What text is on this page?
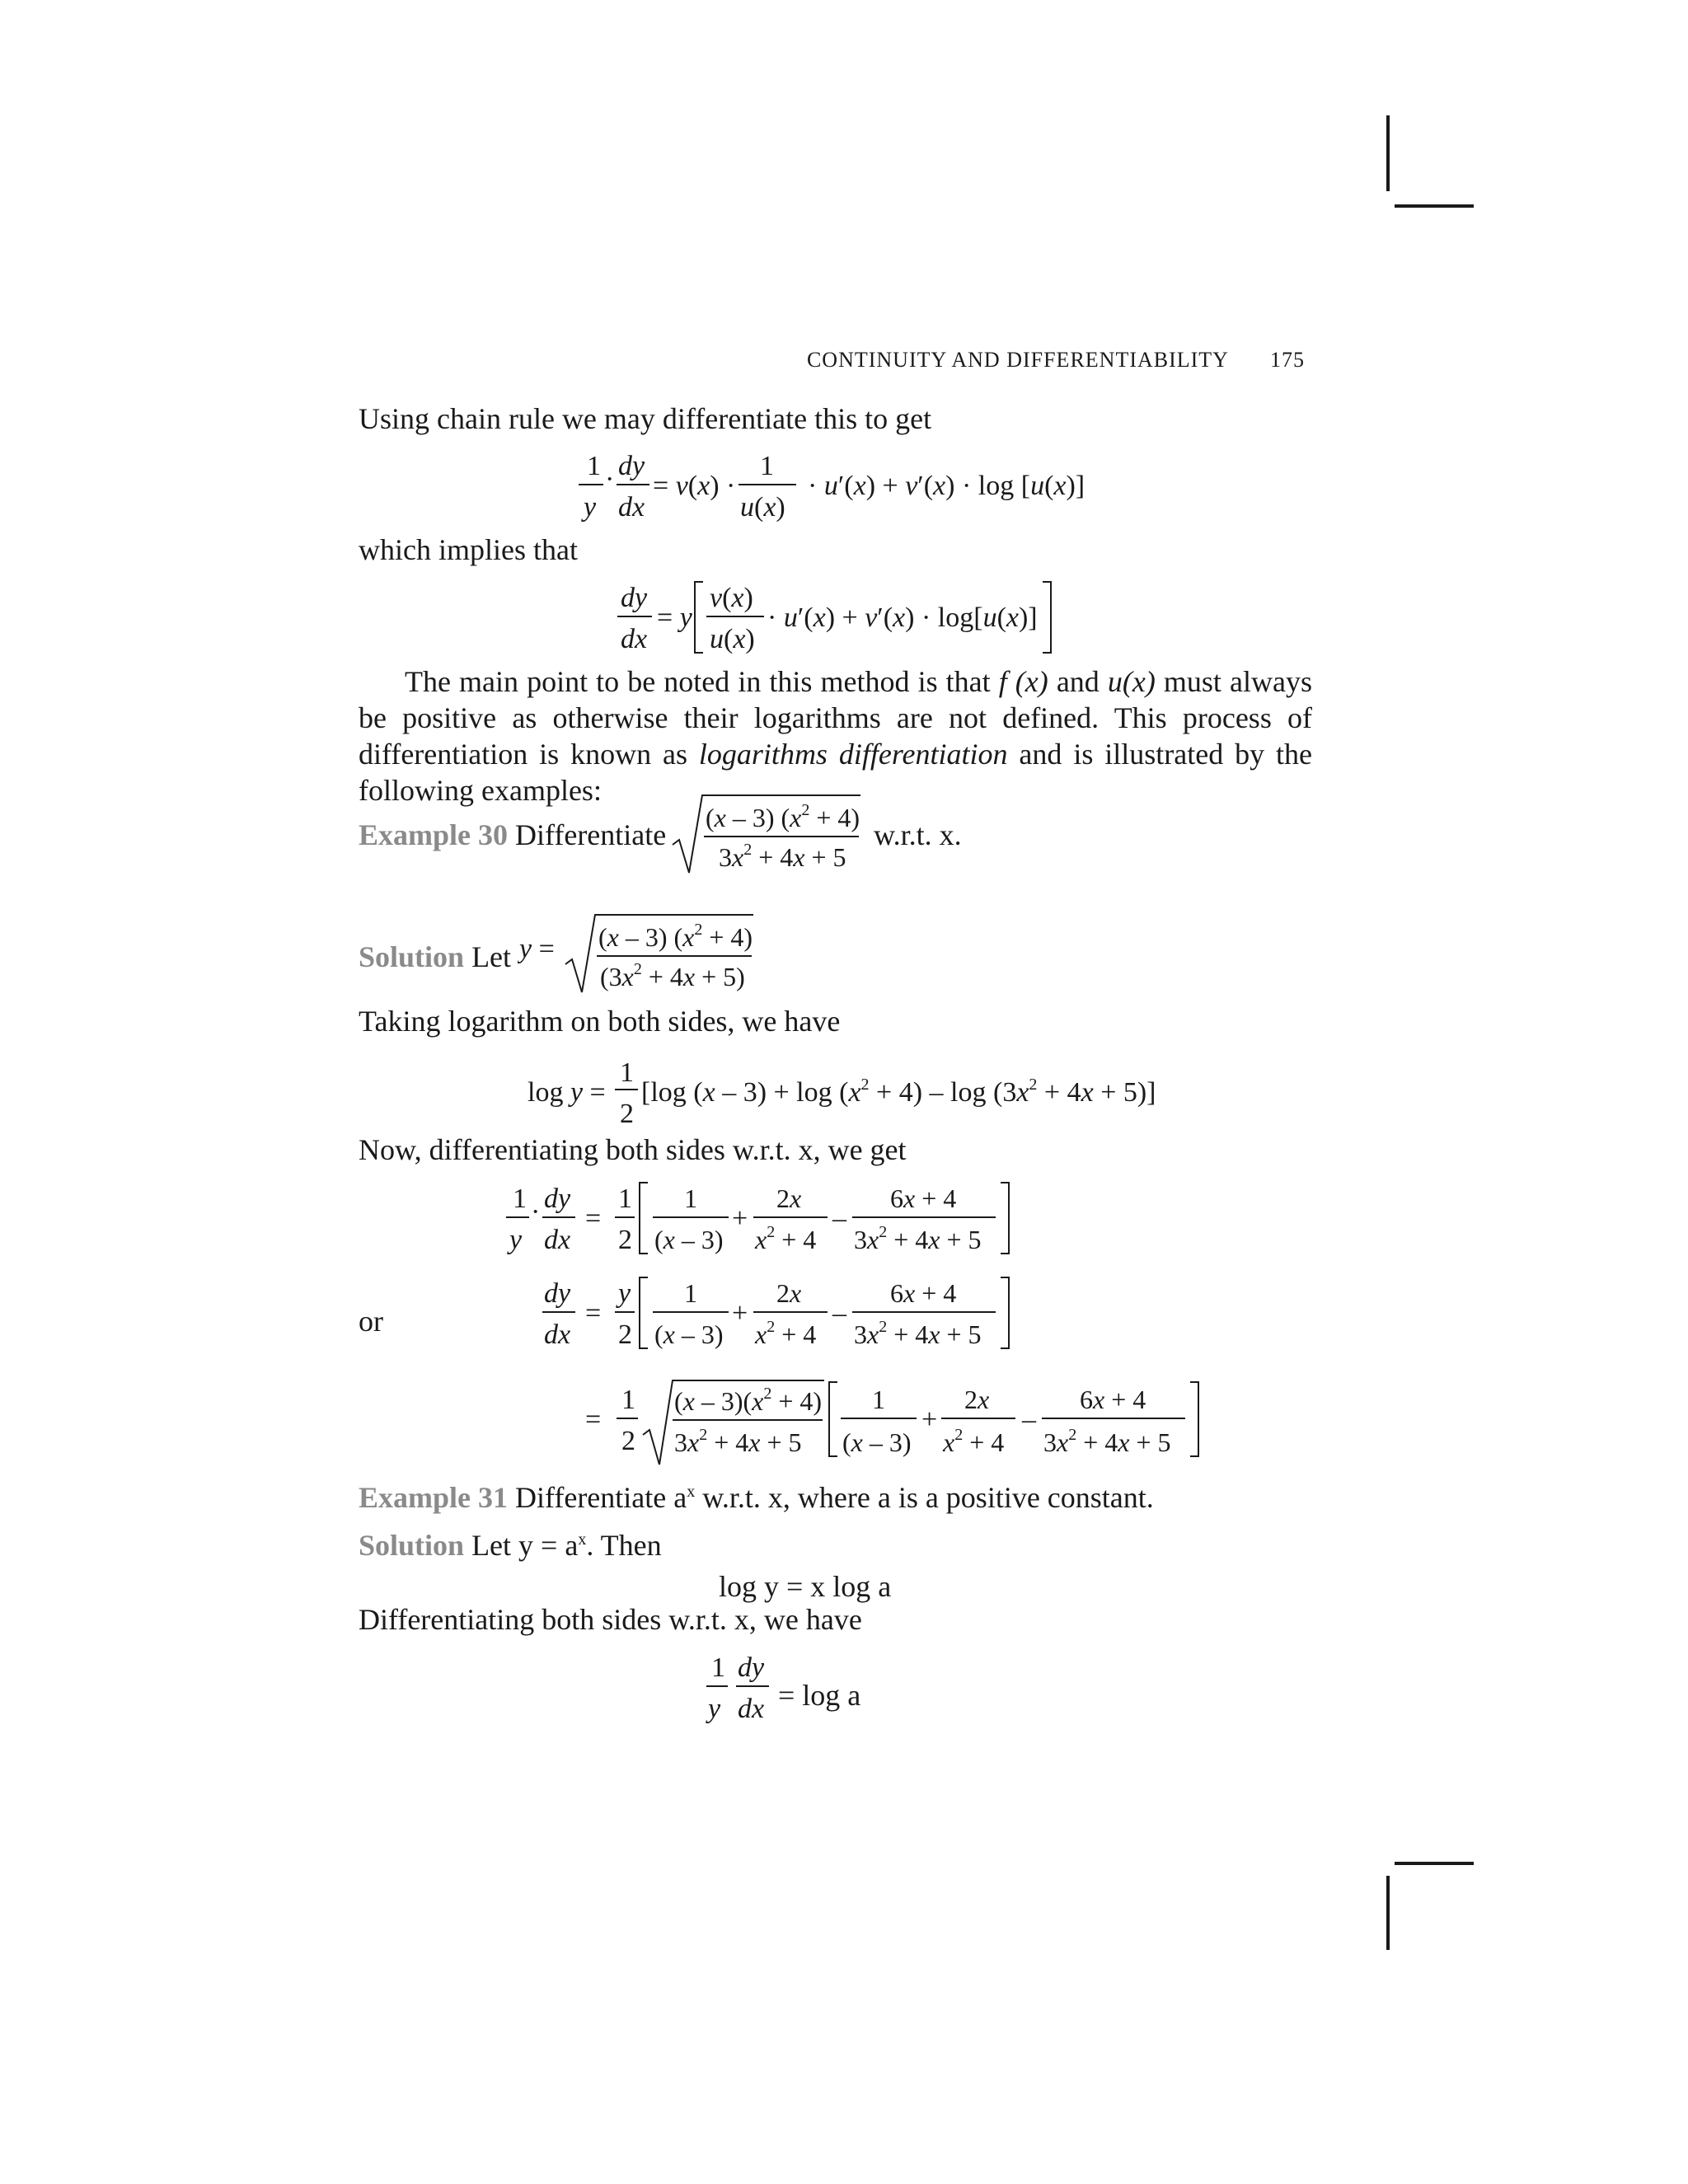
CONTINUITY AND DIFFERENTIABILITY 175
Using chain rule we may differentiate this to get
1
y
· dy
dx
= v(x) ·
1
u(x)
· u′(x) + v′(x) · log [u(x)]
which implies that
dy
dx
= y
v(x)
u(x)
· u′(x) + v′(x) · log[u(x)]
The main point to be noted in this method is that f (x) and u(x) must always be positive as otherwise their logarithms are not defined. This process of differentiation is known as logarithms differentiation and is illustrated by the following examples:
Example 30 Differentiate
(x – 3) $(x^2 + 4)$
$3x^2 + 4x + 5$
w.r.t. x.
Solution Let y = (x – 3) $(x^2 + 4)$
$(3x^2 + 4x + 5)$
Taking logarithm on both sides, we have
log y =
1
2
[log $(x - 3) + \log (x^2 + 4) - \log (3x^2 + 4x + 5)$]
Now, differentiating both sides w.r.t. x, we get
1
y
· dy
dx
=
1
2
1
(x – 3)
+
2x
$x^2 + 4$
–
6x + 4
$3x^2 + 4x + 5$
or
dy
dx
=
y
2
1
(x – 3)
+
2x
$x^2 + 4$
–
6x + 4
$3x^2 + 4x + 5$
=
1
2
$(x - 3)(x^2 + 4)$
$3x^2 + 4x + 5$
1
(x – 3)
+
2x
$x^2 + 4$
–
6x + 4
$3x^2 + 4x + 5$
Example 31 Differentiate $a^x$ w.r.t. x, where a is a positive constant.
Solution Let $y = a^x$. Then
log y = x log a
Differentiating both sides w.r.t. x, we have
1
y
dy
dx = log a
